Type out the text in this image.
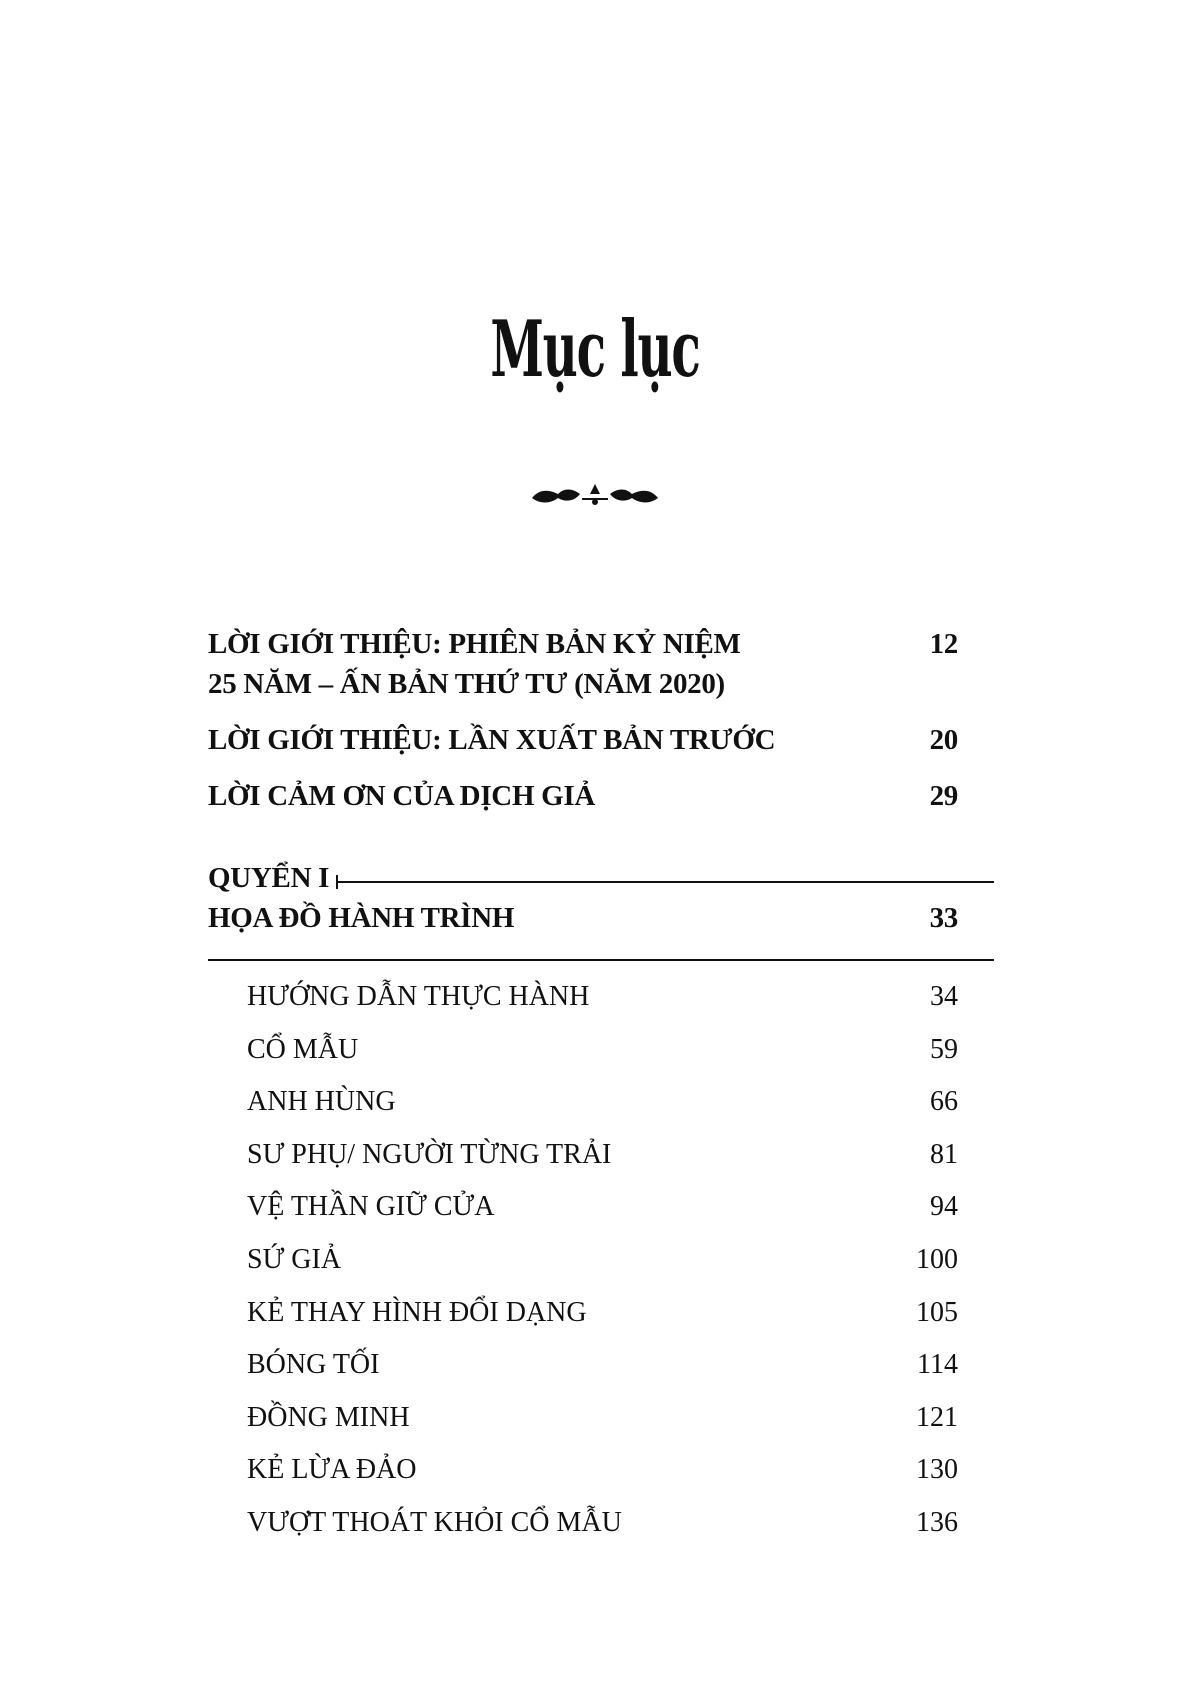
Mục lục
LỜI GIỚI THIỆU: PHIÊN BẢN KỶ NIỆM	12
25 NĂM – ẤN BẢN THỨ TƯ (NĂM 2020)
LỜI GIỚI THIỆU: LẦN XUẤT BẢN TRƯỚC	20
LỜI CẢM ƠN CỦA DỊCH GIẢ	29
QUYỂN I
HỌA ĐỒ HÀNH TRÌNH	33
HƯỚNG DẪN THỰC HÀNH	34
CỔ MẪU	59
ANH HÙNG	66
SƯ PHỤ/ NGƯỜI TỪNG TRẢI	81
VỆ THẦN GIỮ CỬA	94
SỨ GIẢ	100
KẺ THAY HÌNH ĐỔI DẠNG	105
BÓNG TỐI	114
ĐỒNG MINH	121
KẺ LỪA ĐẢO	130
VƯỢT THOÁT KHỎI CỔ MẪU	136
